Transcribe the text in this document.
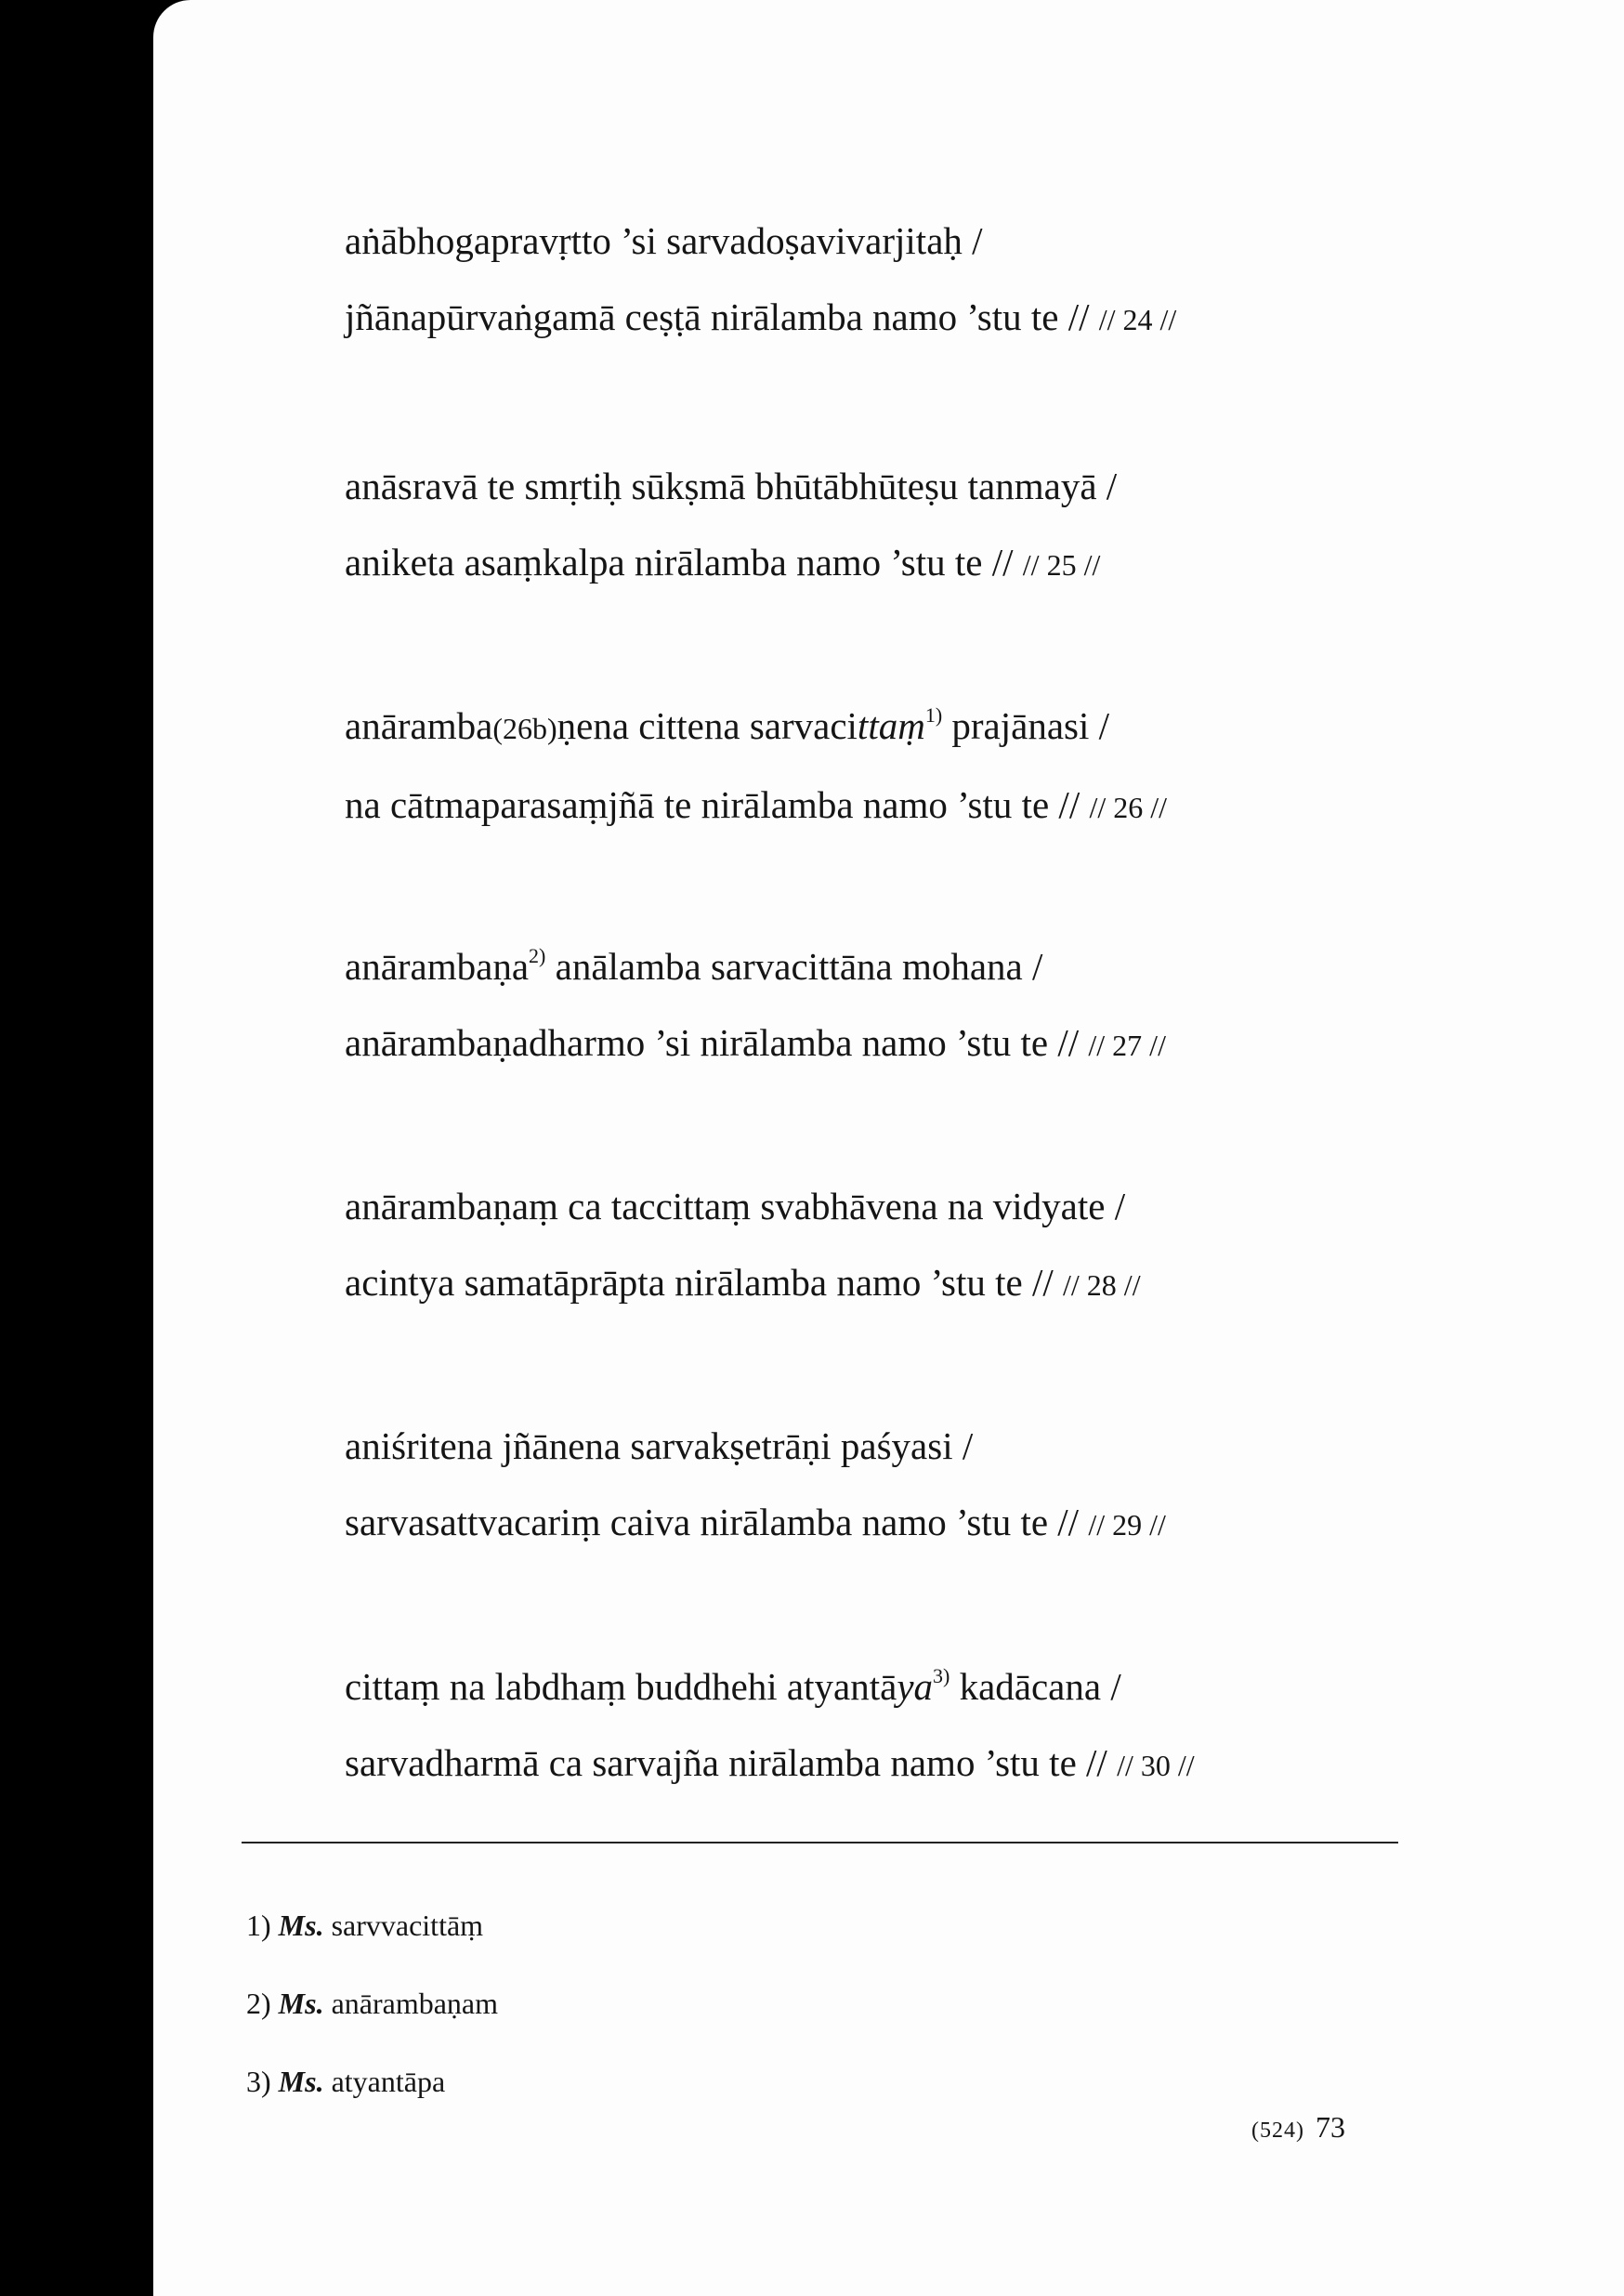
aṅābhogapravṛtto ’si sarvadoṣavivarjitaḥ /
jñānapūrvaṅgamā ceṣṭā nirālamba namo ’stu te // // 24 //

anāsravā te smṛtiḥ sūkṣmā bhūtābhūteṣu tanmayā /
aniketa asaṃkalpa nirālamba namo ’stu te // // 25 //

anāramba(26b)ṇena cittena sarvacittaṃ$^{1)}$ prajānasi /
na cātmaparasaṃjñā te nirālamba namo ’stu te // // 26 //

anārambaṇa$^{2)}$ anālamba sarvacittāna mohana /
anārambaṇadharmo ’si nirālamba namo ’stu te // // 27 //

anārambaṇaṃ ca taccittaṃ svabhāvena na vidyate /
acintya samatāprāpta nirālamba namo ’stu te // // 28 //

aniśritena jñānena sarvakṣetrāṇi paśyasi /
sarvasattvacariṃ caiva nirālamba namo ’stu te // // 29 //

cittaṃ na labdhaṃ buddhehi atyantāya$^{3)}$ kadācana /
sarvadharmā ca sarvajña nirālamba namo ’stu te // // 30 //

1) Ms. sarvvacittāṃ
2) Ms. anārambaṇam
3) Ms. atyantāpa
(524) 73
